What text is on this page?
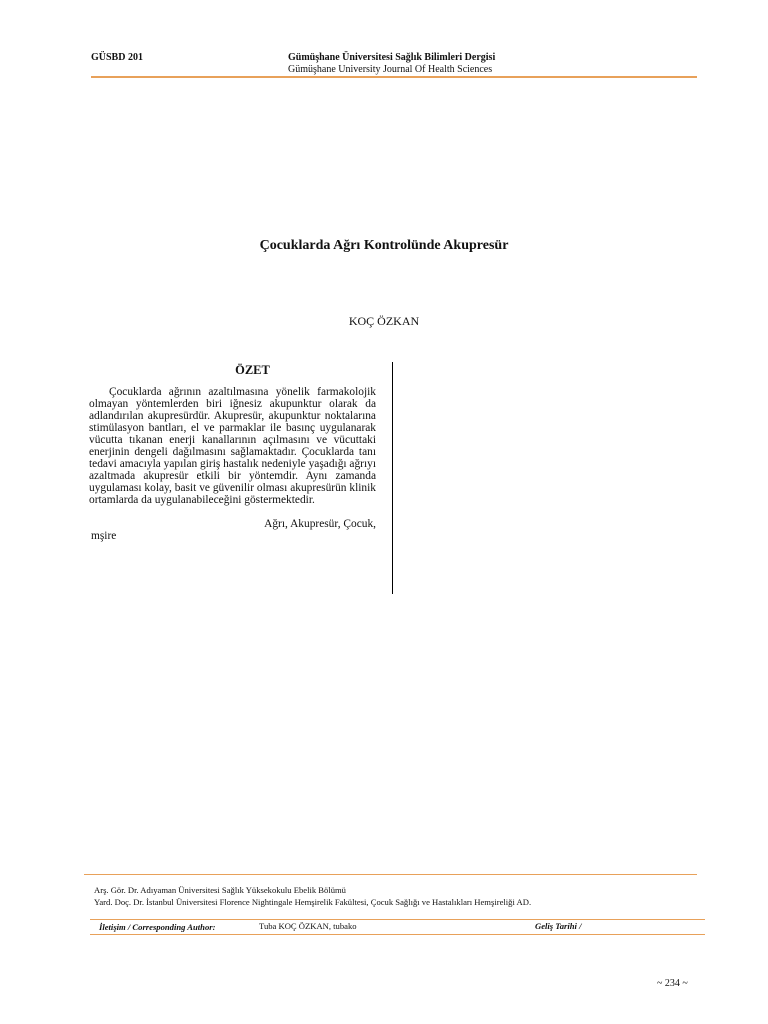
GÜSBD 201	Gümüşhane Üniversitesi Sağlık Bilimleri Dergisi
Gümüşhane University Journal Of Health Sciences
Çocuklarda Ağrı Kontrolünde Akupresür
KOÇ ÖZKAN
ÖZET

Çocuklarda ağrının azaltılmasına yönelik farmakolojik olmayan yöntemlerden biri iğnesiz akupunktur olarak da adlandırılan akupresürdür. Akupresür, akupunktur noktalarına stimülasyon bantları, el ve parmaklar ile basınç uygulanarak vücutta tıkanan enerji kanallarının açılmasını ve vücuttaki enerjinin dengeli dağılmasını sağlamaktadır. Çocuklarda tanı tedavi amacıyla yapılan giriş hastalık nedeniyle yaşadığı ağrıyı azaltmada akupresür etkili bir yöntemdir. Aynı zamanda uygulaması kolay, basit ve güvenilir olması akupresürün klinik ortamlarda da uygulanabileceğini göstermektedir.

Ağrı, Akupresür, Çocuk,

mşire

Arş. Gör. Dr. Adıyaman Üniversitesi Sağlık Yüksekokulu Ebelik Bölümü
Yard. Doç. Dr. İstanbul Üniversitesi Florence Nightingale Hemşirelik Fakültesi, Çocuk Sağlığı ve Hastalıkları Hemşireliği AD.
İletişim / Corresponding Author:	Tuba KOÇ ÖZKAN, tubako	Geliş Tarihi /
~ 234 ~
